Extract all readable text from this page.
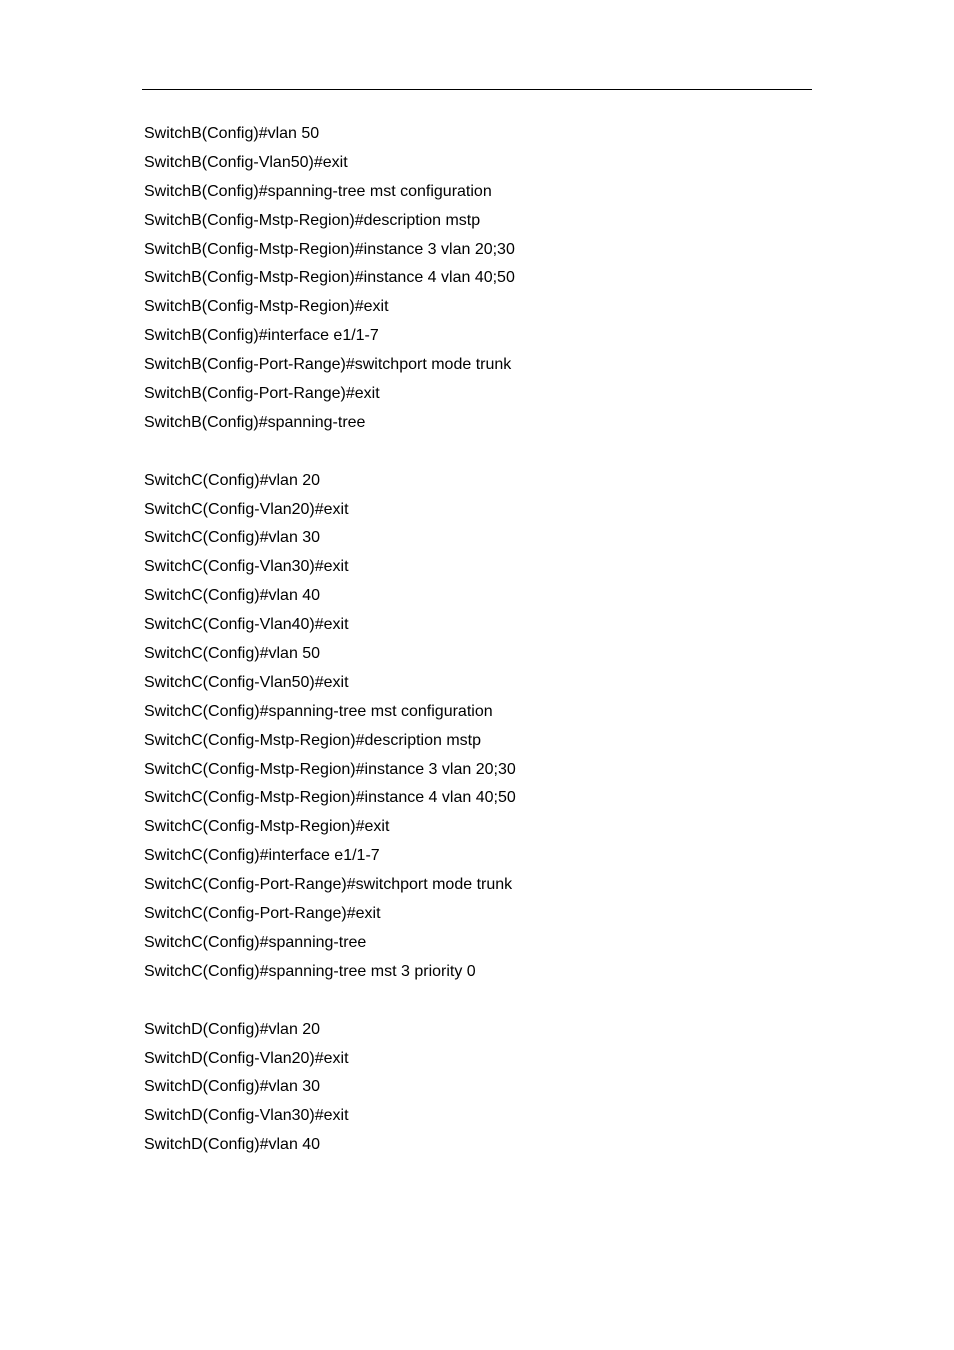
SwitchB(Config)#vlan 50
SwitchB(Config-Vlan50)#exit
SwitchB(Config)#spanning-tree mst configuration
SwitchB(Config-Mstp-Region)#description mstp
SwitchB(Config-Mstp-Region)#instance 3 vlan 20;30
SwitchB(Config-Mstp-Region)#instance 4 vlan 40;50
SwitchB(Config-Mstp-Region)#exit
SwitchB(Config)#interface e1/1-7
SwitchB(Config-Port-Range)#switchport mode trunk
SwitchB(Config-Port-Range)#exit
SwitchB(Config)#spanning-tree
SwitchC(Config)#vlan 20
SwitchC(Config-Vlan20)#exit
SwitchC(Config)#vlan 30
SwitchC(Config-Vlan30)#exit
SwitchC(Config)#vlan 40
SwitchC(Config-Vlan40)#exit
SwitchC(Config)#vlan 50
SwitchC(Config-Vlan50)#exit
SwitchC(Config)#spanning-tree mst configuration
SwitchC(Config-Mstp-Region)#description mstp
SwitchC(Config-Mstp-Region)#instance 3 vlan 20;30
SwitchC(Config-Mstp-Region)#instance 4 vlan 40;50
SwitchC(Config-Mstp-Region)#exit
SwitchC(Config)#interface e1/1-7
SwitchC(Config-Port-Range)#switchport mode trunk
SwitchC(Config-Port-Range)#exit
SwitchC(Config)#spanning-tree
SwitchC(Config)#spanning-tree mst 3 priority 0
SwitchD(Config)#vlan 20
SwitchD(Config-Vlan20)#exit
SwitchD(Config)#vlan 30
SwitchD(Config-Vlan30)#exit
SwitchD(Config)#vlan 40
